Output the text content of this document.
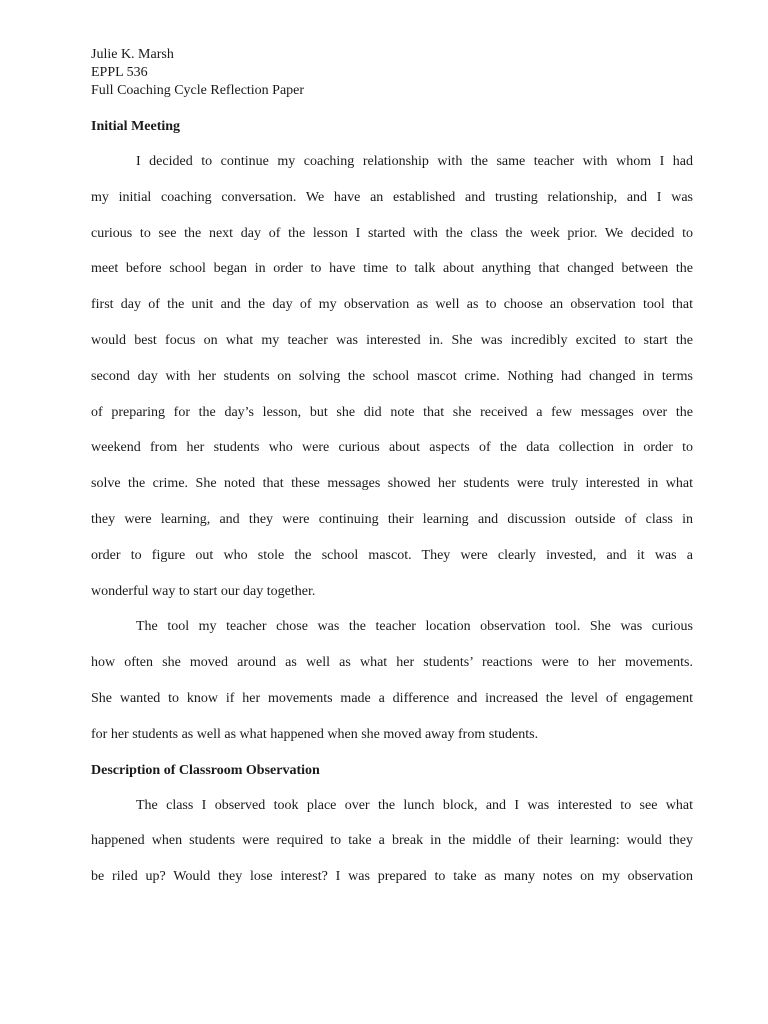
Julie K. Marsh

EPPL 536

Full Coaching Cycle Reflection Paper

Initial Meeting

I decided to continue my coaching relationship with the same teacher with whom I had
my initial coaching conversation. We have an established and trusting relationship, and I was
curious to see the next day of the lesson I started with the class the week prior. We decided to
meet before school began in order to have time to talk about anything that changed between the
first day of the unit and the day of my observation as well as to choose an observation tool that
would best focus on what my teacher was interested in. She was incredibly excited to start the
second day with her students on solving the school mascot crime. Nothing had changed in terms
of preparing for the day’s lesson, but she did note that she received a few messages over the
weekend from her students who were curious about aspects of the data collection in order to
solve the crime. She noted that these messages showed her students were truly interested in what
they were learning, and they were continuing their learning and discussion outside of class in
order to figure out who stole the school mascot. They were clearly invested, and it was a
wonderful way to start our day together.
The tool my teacher chose was the teacher location observation tool. She was curious
how often she moved around as well as what her students’ reactions were to her movements.
She wanted to know if her movements made a difference and increased the level of engagement
for her students as well as what happened when she moved away from students.

Description of Classroom Observation

The class I observed took place over the lunch block, and I was interested to see what
happened when students were required to take a break in the middle of their learning: would they
be riled up? Would they lose interest? I was prepared to take as many notes on my observation
